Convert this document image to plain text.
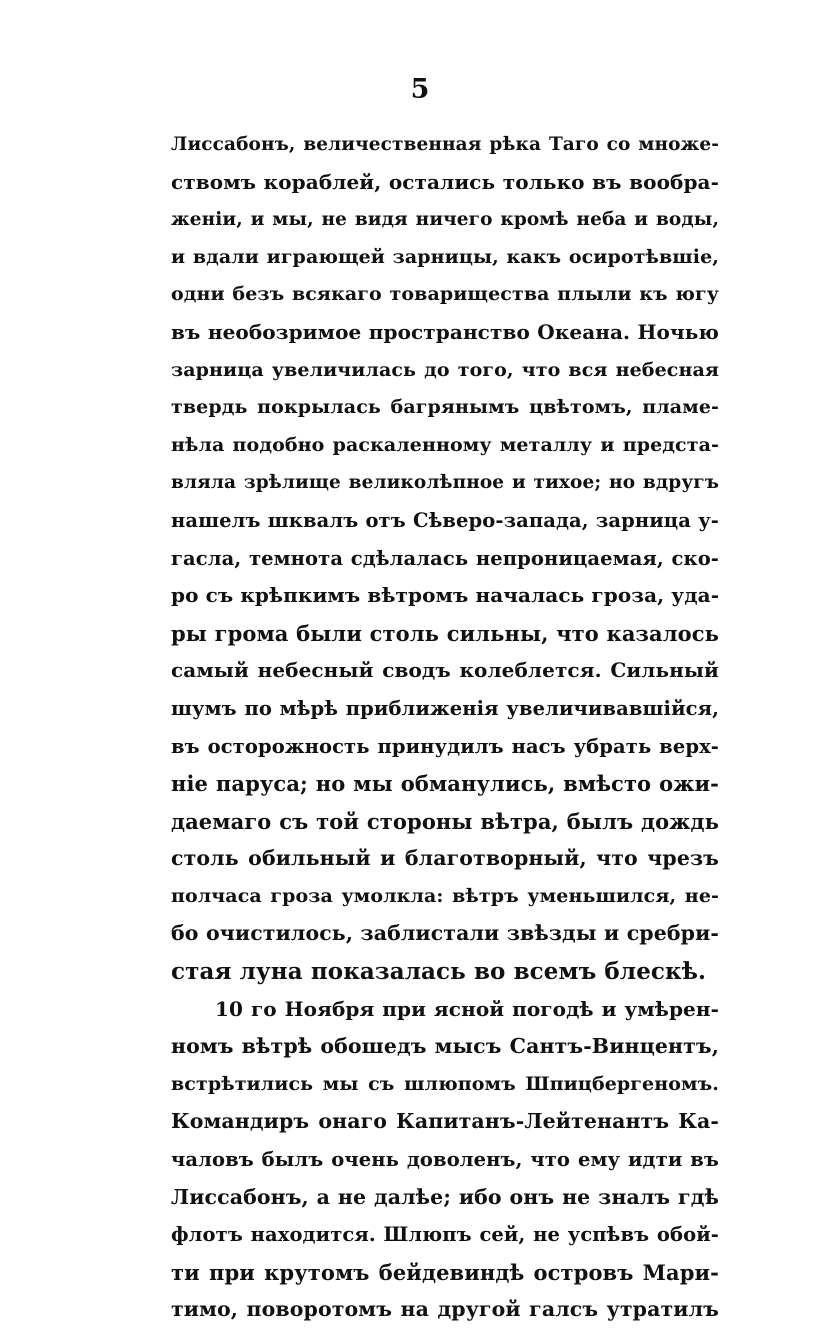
5
Лиссабонъ, величественная рѣка Таго со множе-
ствомъ кораблей, остались только въ вообра-
женіи, и мы, не видя ничего кромѣ неба и воды,
и вдали играющей зарницы, какъ осиротѣвшіе,
одни безъ всякаго товарищества плыли къ югу
въ необозримое пространство Океана. Ночью
зарница увеличилась до того, что вся небесная
твердь покрылась багрянымъ цвѣтомъ, пламе-
нѣла подобно раскаленному металлу и предста-
вляла зрѣлище великолѣпное и тихое; но вдругъ
нашелъ шквалъ отъ Сѣверо-запада, зарница у-
гасла, темнота сдѣлалась непроницаемая, ско-
ро съ крѣпкимъ вѣтромъ началась гроза, уда-
ры грома были столь сильны, что казалось
самый небесный сводъ колеблется. Сильный
шумъ по мѣрѣ приближенія увеличивавшійся,
въ осторожность принудилъ насъ убрать верх-
ніе паруса; но мы обманулись, вмѣсто ожи-
даемаго съ той стороны вѣтра, былъ дождь
столь обильный и благотворный, что чрезъ
полчаса гроза умолкла: вѣтръ уменьшился, не-
бо очистилось, заблистали звѣзды и сребри-
стая луна показалась во всемъ блескѣ.
10 го Ноября при ясной погодѣ и умѣрен-
номъ вѣтрѣ обошедъ мысъ Сантъ-Винцентъ,
встрѣтились мы съ шлюпомъ Шпицбергеномъ.
Командиръ онаго Капитанъ-Лейтенантъ Ка-
чаловъ былъ очень доволенъ, что ему идти въ
Лиссабонъ, а не далѣе; ибо онъ не зналъ гдѣ
флотъ находится. Шлюпъ сей, не успѣвъ обой-
ти при крутомъ бейдевиндѣ островъ Мари-
тимо, поворотомъ на другой галсъ утратилъ
